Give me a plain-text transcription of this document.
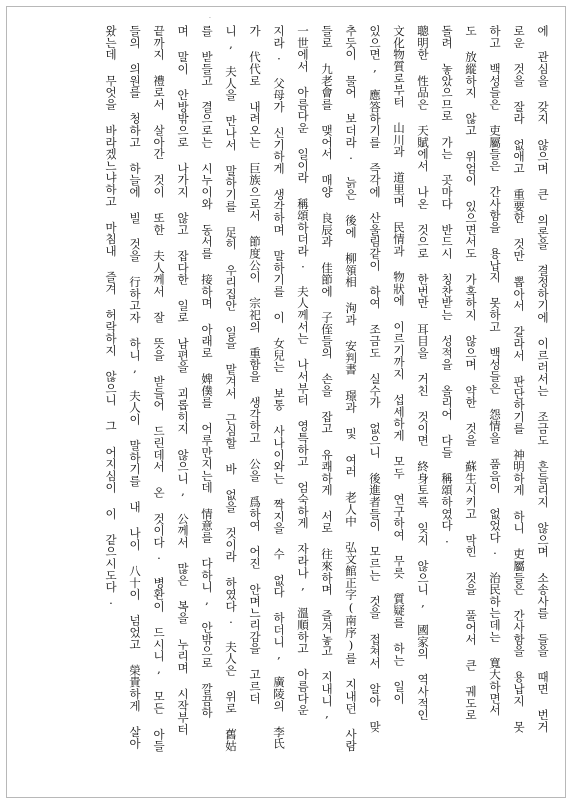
·
에 관심을 갖지 않으며 큰 의론을 결정하기에 이르러서는 조금도 흔들리지 않으며 소송사를 들을 때면 번거
로운 것을 잘라 없애고 重要한 것만 뽑아서 갈라서 판단하기를 神明하게 하니 吏屬들은 간사함을 용납지 못
하고 백성들은 吏屬들은 간사함을 용납지 못하고 백성들은 怨情을 품음이 없었다. 治民하는데는 寬大하면서
도 放縱하지 않고 위엄이 있으면서도 가혹하지 않으며 약한 것을 蘇生시키고 막힌 것을 풀어서 큰 궤도로
돌려 놓았으므로 가는 곳마다 반드시 칭찬받는 성적을 올리어 다들 稱頌하였다.
聰明한 性品은 天賦에서 나온 것으로 한번만 耳目을 거친 것이면 終身토록 잊지 않으니, 國家의 역사적인
文化物質로부터 山川과 道里며 民情과 物狀에 이르기까지 섭세하게 모두 연구하여 무릇 質疑를 하는 일이
있으면, 應答하기를 즉각에 산울림같이 하여 조금도 실수가 없으니 後進者들이 모르는 것을 접쳐서 알아 맞
추듯이 물어 보더라. 늙은 後에 柳領相 洵과 安判書 璟과 및 여러 老人中 弘文館正字(南序)를 지내던 사람
들로 九老會를 맺어서 매양 良辰과 佳節에 子侄들의 손을 잡고 유쾌하게 서로 往來하며 즐겨놓고 지내니,
一世에서 아름다운 일이라 稱頌하더라. 夫人께서는 나서부터 영특하고 엄숙하게 자라나, 溫順하고 아름다운
지라. 父母가 신기하게 생각하며 말하기를 이 女兒는 보통 사나이와는 짝지을 수 없다 하더니, 廣陵의 李氏
가 代代로 내려오는 巨族으로서 節度公이 宗祀의 重함을 생각하고 公을 爲하여 어진 안며느리감을 고르더
니, 夫人을 만나서 말하기를 足히 우리집안 일을 맡겨서 근심할 바 없을 것이라 하였다. 夫人은 위로 舊姑
를 받들고 결으로는 시누이와 동서를 接하며 아래로 婢僕를 어루만지는데 情意를 다하니, 안밖으로 깔끔하
며 말이 안방밖으로 나가지 않고 잡다한 일로 남편을 괴롭히지 않으니, 公께서 많은 복을 누리며 시작부터
끝까지 禮로서 살아간 것이 또한 夫人께서 잘 뜻을 받들어 드린데서 온 것이다. 병환이 드시니, 모든 아들
들의 의원를 청하고 하늘에 빌 것을 行하고자 하니, 夫人이 말하기를 내 나이 八十이 넘었고 榮貴하게 살아
왔는데 무엇을 바라겠느냐하고 마침내 즐겨 허락하지 않으니 그 어지심이 이 같으시도다.
